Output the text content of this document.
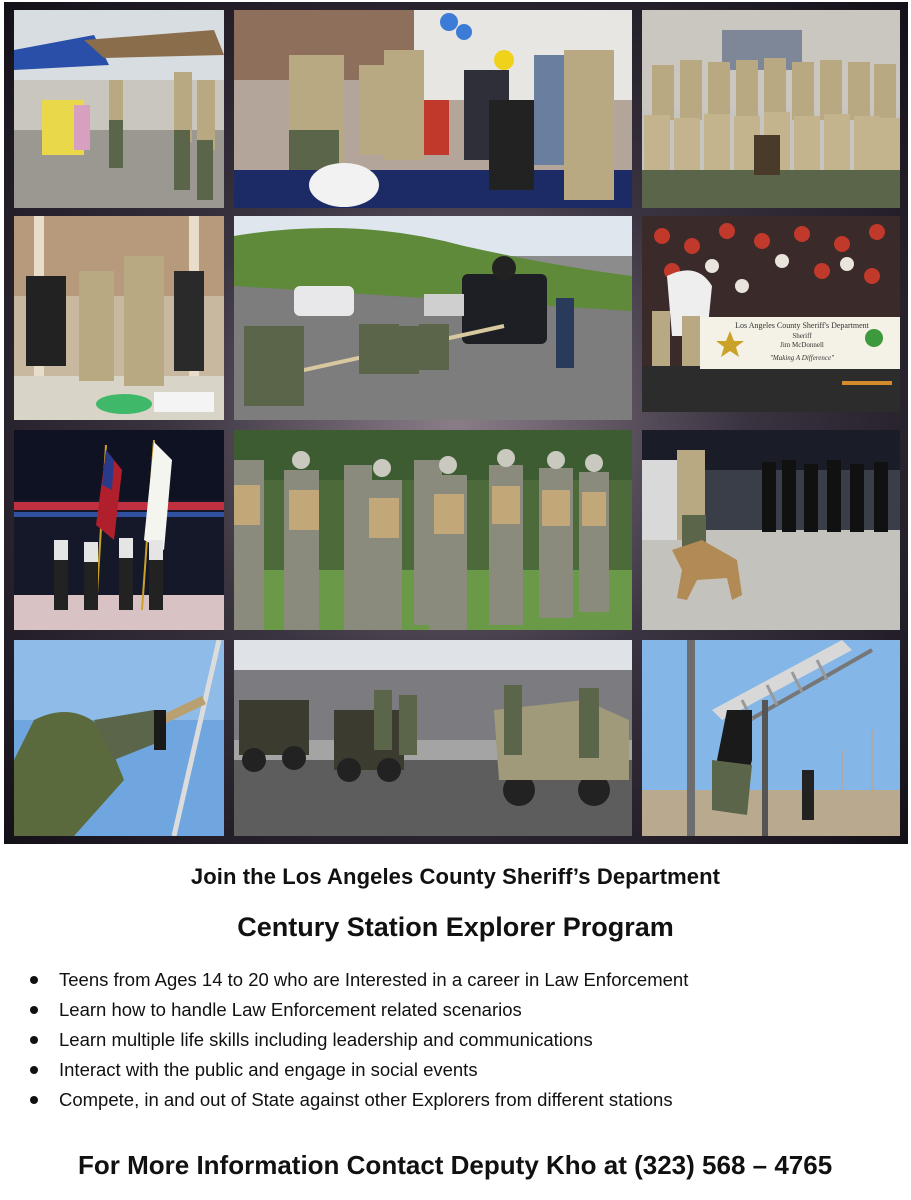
Los Angeles County Sheriff's Department
Sheriff
Jim McDonnell
"Making A Difference"
Join the Los Angeles County Sheriff’s Department
Century Station Explorer Program
Teens from Ages 14 to 20 who are Interested in a career in Law Enforcement
Learn how to handle Law Enforcement related scenarios
Learn multiple life skills including leadership and communications
Interact with the public and engage in social events
Compete, in and out of State against other Explorers from different stations
For More Information Contact Deputy Kho at (323) 568 – 4765
